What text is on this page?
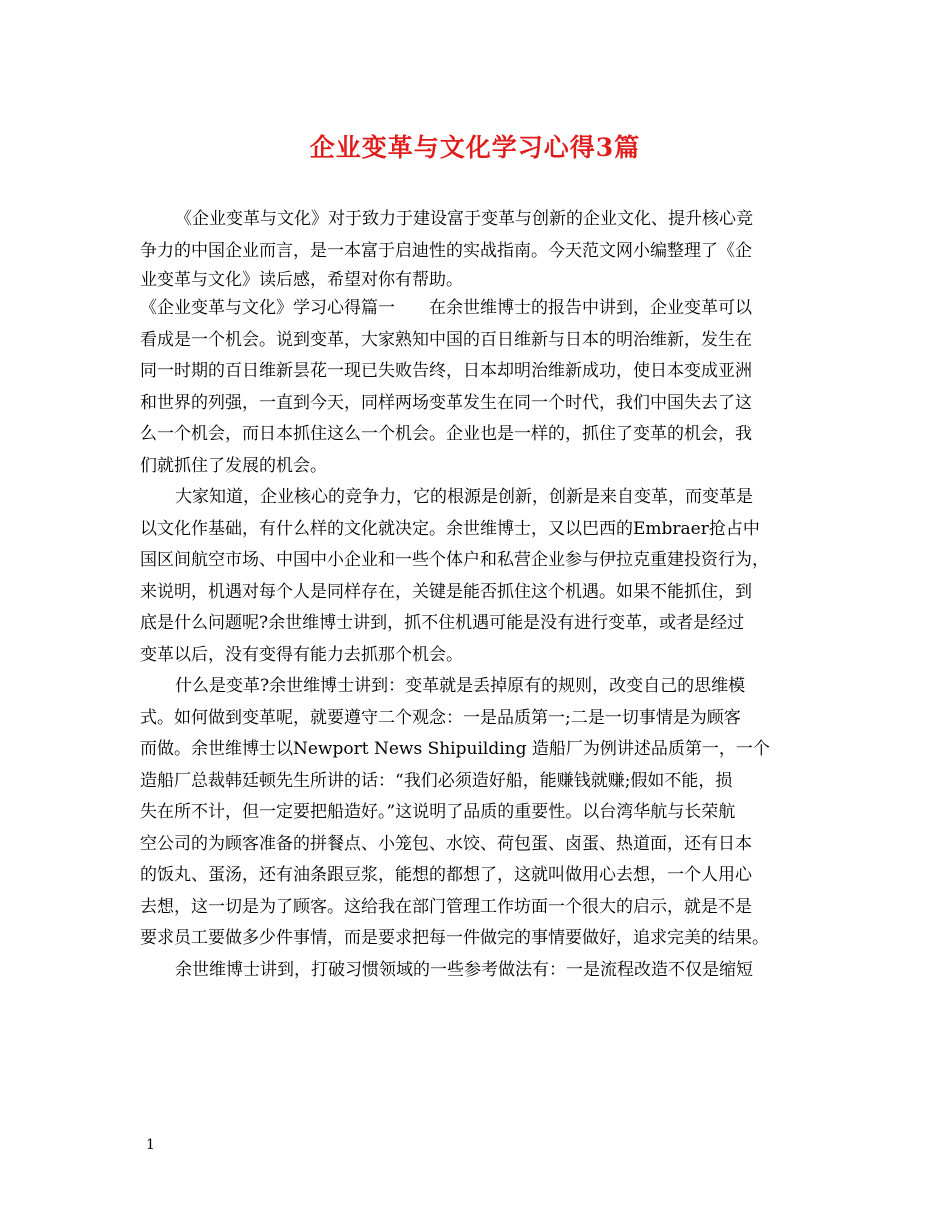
企业变革与文化学习心得3篇

《企业变革与文化》对于致力于建设富于变革与创新的企业文化、提升核心竞

争力的中国企业而言，是一本富于启迪性的实战指南。今天范文网小编整理了《企

业变革与文化》读后感，希望对你有帮助。

《企业变革与文化》学习心得篇一　　在余世维博士的报告中讲到，企业变革可以

看成是一个机会。说到变革，大家熟知中国的百日维新与日本的明治维新，发生在

同一时期的百日维新昙花一现已失败告终，日本却明治维新成功，使日本变成亚洲

和世界的列强，一直到今天，同样两场变革发生在同一个时代，我们中国失去了这

么一个机会，而日本抓住这么一个机会。企业也是一样的，抓住了变革的机会，我

们就抓住了发展的机会。

大家知道，企业核心的竞争力，它的根源是创新，创新是来自变革，而变革是

以文化作基础，有什么样的文化就决定。余世维博士，又以巴西的Embraer抢占中

国区间航空市场、中国中小企业和一些个体户和私营企业参与伊拉克重建投资行为，

来说明，机遇对每个人是同样存在，关键是能否抓住这个机遇。如果不能抓住，到

底是什么问题呢?余世维博士讲到，抓不住机遇可能是没有进行变革，或者是经过

变革以后，没有变得有能力去抓那个机会。

什么是变革?余世维博士讲到：变革就是丢掉原有的规则，改变自己的思维模

式。如何做到变革呢，就要遵守二个观念：一是品质第一;二是一切事情是为顾客

而做。余世维博士以Newport News Shipuilding 造船厂为例讲述品质第一，一个

造船厂总裁韩廷顿先生所讲的话：“我们必须造好船，能赚钱就赚;假如不能，损

失在所不计，但一定要把船造好。”这说明了品质的重要性。以台湾华航与长荣航

空公司的为顾客准备的拼餐点、小笼包、水饺、荷包蛋、卤蛋、热道面，还有日本

的饭丸、蛋汤，还有油条跟豆浆，能想的都想了，这就叫做用心去想，一个人用心

去想，这一切是为了顾客。这给我在部门管理工作坊面一个很大的启示，就是不是

要求员工要做多少件事情，而是要求把每一件做完的事情要做好，追求完美的结果。

余世维博士讲到，打破习惯领域的一些参考做法有：一是流程改造不仅是缩短

1
